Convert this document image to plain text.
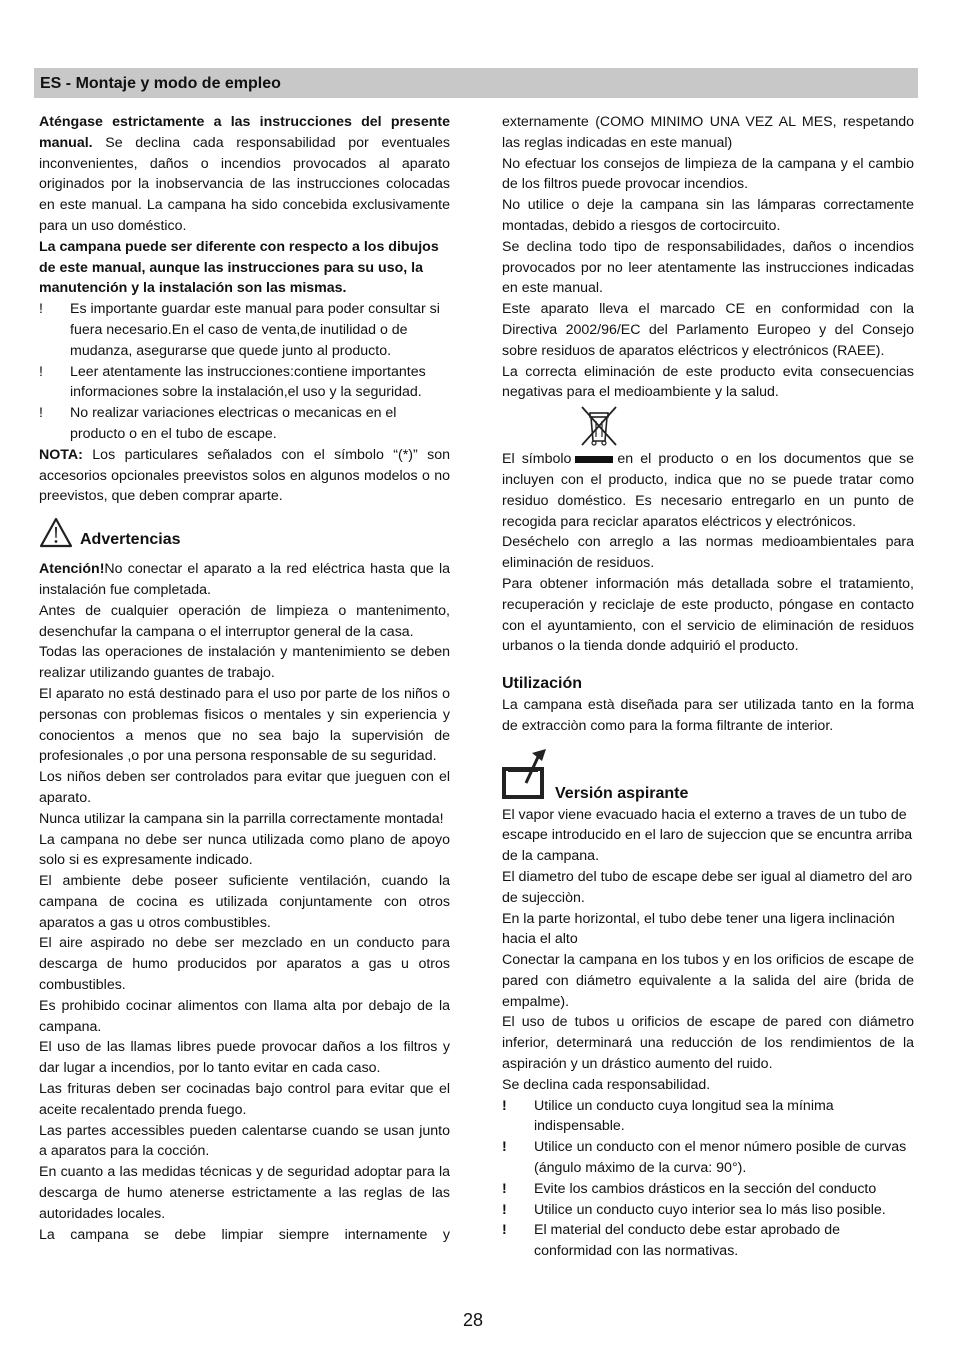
ES - Montaje y modo de empleo

Aténgase estrictamente a las instrucciones del presente manual. Se declina cada responsabilidad por eventuales inconvenientes, daños o incendios provocados al aparato originados por la inobservancia de las instrucciones colocadas en este manual. La campana ha sido concebida exclusivamente para un uso doméstico.

La campana puede ser diferente con respecto a los dibujos de este manual, aunque las instrucciones para su uso, la manutención y la instalación son las mismas.

! Es importante guardar este manual para poder consultar si fuera necesario.En el caso de venta,de inutilidad o de mudanza, asegurarse que quede junto al producto.

! Leer atentamente las instrucciones:contiene importantes informaciones sobre la instalación,el uso y la seguridad.

! No realizar variaciones electricas o mecanicas en el producto o en el tubo de escape.

NOTA: Los particulares señalados con el símbolo “(*)” son accesorios opcionales preevistos solos en algunos modelos o no preevistos, que deben comprar aparte.

Advertencias

Atención!No conectar el aparato a la red eléctrica hasta que la instalación fue completada.

Antes de cualquier operación de limpieza o mantenimento, desenchufar la campana o el interruptor general de la casa.

Todas las operaciones de instalación y mantenimiento se deben realizar utilizando guantes de trabajo.

El aparato no está destinado para el uso por parte de los niños o personas con problemas fisicos o mentales y sin experiencia y conocientos a menos que no sea bajo la supervisión de profesionales ,o por una persona responsable de su seguridad.

Los niños deben ser controlados para evitar que jueguen con el aparato.

Nunca utilizar la campana sin la parrilla correctamente montada!

La campana no debe ser nunca utilizada como plano de apoyo solo si es expresamente indicado.

El ambiente debe poseer suficiente ventilación, cuando la campana de cocina es utilizada conjuntamente con otros aparatos a gas u otros combustibles.

El aire aspirado no debe ser mezclado en un conducto para descarga de humo producidos por aparatos a gas u otros combustibles.

Es prohibido cocinar alimentos con llama alta por debajo de la campana.

El uso de las llamas libres puede provocar daños a los filtros y dar lugar a incendios, por lo tanto evitar en cada caso.

Las frituras deben ser cocinadas bajo control para evitar que el aceite recalentado prenda fuego.

Las partes accessibles pueden calentarse cuando se usan junto a aparatos para la cocción.

En cuanto a las medidas técnicas y de seguridad adoptar para la descarga de humo atenerse estrictamente a las reglas de las autoridades locales.

La campana se debe limpiar siempre internamente y

externamente (COMO MINIMO UNA VEZ AL MES, respetando las reglas indicadas en este manual)

No efectuar los consejos de limpieza de la campana y el cambio de los filtros puede provocar incendios.

No utilice o deje la campana sin las lámparas correctamente montadas, debido a riesgos de cortocircuito.

Se declina todo tipo de responsabilidades, daños o incendios provocados por no leer atentamente las instrucciones indicadas en este manual.

Este aparato lleva el marcado CE en conformidad con la Directiva 2002/96/EC del Parlamento Europeo y del Consejo sobre residuos de aparatos eléctricos y electrónicos (RAEE).

La correcta eliminación de este producto evita consecuencias negativas para el medioambiente y la salud.

El símbolo	en el producto o en los documentos que se incluyen con el producto, indica que no se puede tratar como residuo doméstico. Es necesario entregarlo en un punto de recogida para reciclar aparatos eléctricos y electrónicos.

Deséchelo con arreglo a las normas medioambientales para eliminación de residuos.

Para obtener información más detallada sobre el tratamiento, recuperación y reciclaje de este producto, póngase en contacto con el ayuntamiento, con el servicio de eliminación de residuos urbanos o la tienda donde adquirió el producto.

Utilización

La campana està diseñada para ser utilizada tanto en la forma de extracciòn como para la forma filtrante de interior.

Versión aspirante

El vapor viene evacuado hacia el externo a traves de un tubo de escape introducido en el laro de sujeccion que se encuntra arriba de la campana.

El diametro del tubo de escape debe ser igual al diametro del aro de sujecciòn.

En la parte horizontal, el tubo debe tener una ligera inclinación hacia el alto

Conectar la campana en los tubos y en los orificios de escape de pared con diámetro equivalente a la salida del aire (brida de empalme).

El uso de tubos u orificios de escape de pared con diámetro inferior, determinará una reducción de los rendimientos de la aspiración y un drástico aumento del ruido.

Se declina cada responsabilidad.

! Utilice un conducto cuya longitud sea la mínima indispensable.

! Utilice un conducto con el menor número posible de curvas (ángulo máximo de la curva: 90°).

! Evite los cambios drásticos en la sección del conducto

! Utilice un conducto cuyo interior sea lo más liso posible.

! El material del conducto debe estar aprobado de conformidad con las normativas.

28
